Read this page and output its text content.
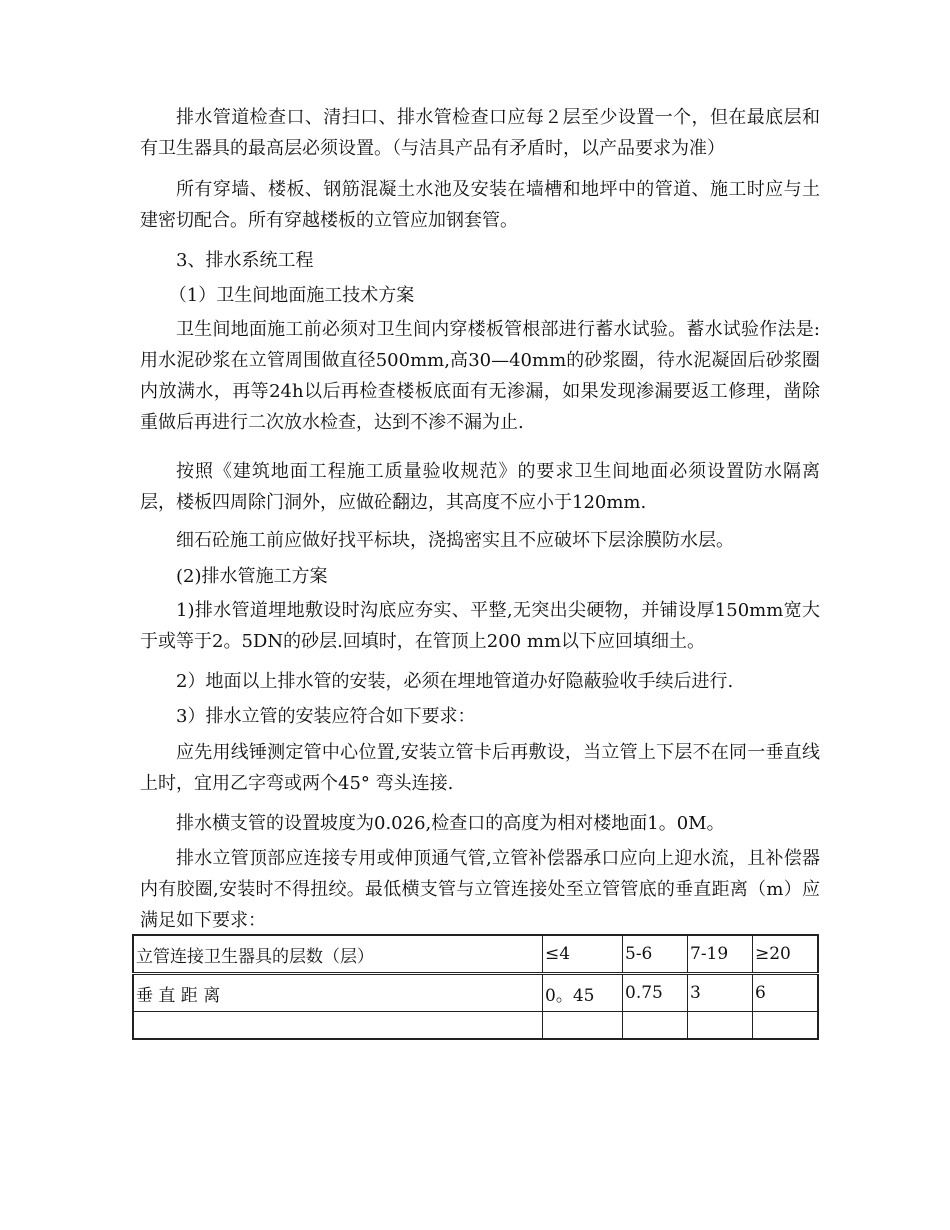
排水管道检查口、清扫口、排水管检查口应每２层至少设置一个，但在最底层和有卫生器具的最高层必须设置。（与洁具产品有矛盾时，以产品要求为准）

所有穿墙、楼板、钢筋混凝土水池及安装在墙槽和地坪中的管道、施工时应与土建密切配合。所有穿越楼板的立管应加钢套管。

3、排水系统工程

（1）卫生间地面施工技术方案

卫生间地面施工前必须对卫生间内穿楼板管根部进行蓄水试验。蓄水试验作法是:用水泥砂浆在立管周围做直径500mm,高30—40mm的砂浆圈，待水泥凝固后砂浆圈内放满水，再等24h以后再检查楼板底面有无渗漏，如果发现渗漏要返工修理，凿除重做后再进行二次放水检查，达到不渗不漏为止.

按照《建筑地面工程施工质量验收规范》的要求卫生间地面必须设置防水隔离层，楼板四周除门洞外，应做砼翻边，其高度不应小于120mm.

细石砼施工前应做好找平标块，浇捣密实且不应破坏下层涂膜防水层。

(2)排水管施工方案

1)排水管道埋地敷设时沟底应夯实、平整,无突出尖硬物，并铺设厚150mm宽大于或等于2。5DN的砂层.回填时，在管顶上200 mm以下应回填细土。

2）地面以上排水管的安装，必须在埋地管道办好隐蔽验收手续后进行.

3）排水立管的安装应符合如下要求：

应先用线锤测定管中心位置,安装立管卡后再敷设，当立管上下层不在同一垂直线上时，宜用乙字弯或两个45° 弯头连接.

排水横支管的设置坡度为0.026,检查口的高度为相对楼地面1。0M。

排水立管顶部应连接专用或伸顶通气管,立管补偿器承口应向上迎水流，且补偿器内有胶圈,安装时不得扭绞。最低横支管与立管连接处至立管管底的垂直距离（m）应满足如下要求：

立管连接卫生器具的层数（层）	≤4	5-6	7-19	≥20
垂 直 距 离	0。45	0.75	3	6
